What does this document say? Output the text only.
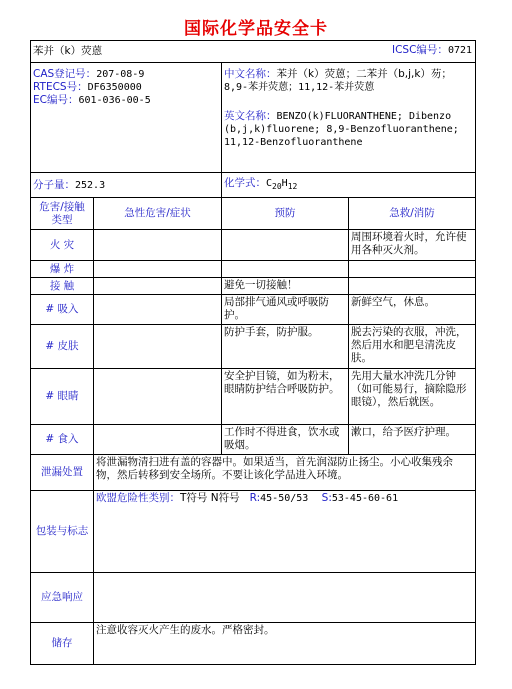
国际化学品安全卡
苯并（k）荧蒽 ICSC编号：0721			

CAS登记号：207-08-9
RTECS号：DF6350000
EC编号：601-036-00-5		中文名称：苯并（k）荧蒽；二苯并（b,j,k）芴；
8,9-苯并荧蒽；11,12-苯并荧蒽
英文名称：BENZO(k)FLUORANTHENE; Dibenzo
(b,j,k)fluorene; 8,9-Benzofluoranthene;
11,12-Benzofluoranthene	

分子量：252.3		化学式：$C_{20}H_{12}$

危害/接触
类型	急性危害/症状	预防	急救/消防
火 灾			周围环境着火时，允许使用各种灭火剂。
爆 炸			
接 触		避免一切接触！	
# 吸入		局部排气通风或呼吸防护。	新鲜空气，休息。
# 皮肤		防护手套，防护服。	脱去污染的衣服，冲洗，然后用水和肥皂清洗皮肤。
# 眼睛		安全护目镜，如为粉末，眼睛防护结合呼吸防护。	先用大量水冲洗几分钟（如可能易行，摘除隐形眼镜），然后就医。
# 食入		工作时不得进食，饮水或吸烟。	漱口，给予医疗护理。
泄漏处置	将泄漏物清扫进有盖的容器中。如果适当，首先润湿防止扬尘。小心收集残余物，然后转移到安全场所。不要让该化学品进入环境。		
包装与标志	欧盟危险性类别：T符号 N符号 R:45-50/53 S:53-45-60-61		
应急响应			
储存	注意收容灭火产生的废水。严格密封。		
